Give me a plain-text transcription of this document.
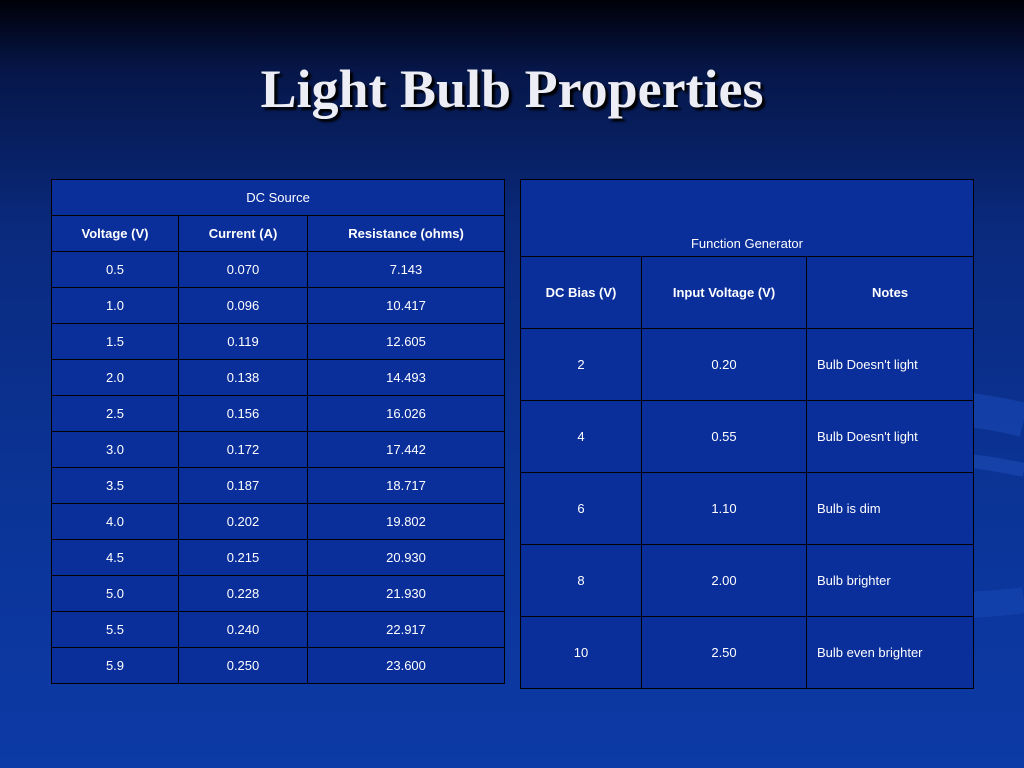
Light Bulb Properties
DC Source		
Voltage (V)	Current (A)	Resistance (ohms)
0.5	0.070	7.143
1.0	0.096	10.417
1.5	0.119	12.605
2.0	0.138	14.493
2.5	0.156	16.026
3.0	0.172	17.442
3.5	0.187	18.717
4.0	0.202	19.802
4.5	0.215	20.930
5.0	0.228	21.930
5.5	0.240	22.917
5.9	0.250	23.600
Function Generator		
DC Bias (V)	Input Voltage (V)	Notes
2	0.20	Bulb Doesn't light
4	0.55	Bulb Doesn't light
6	1.10	Bulb is dim
8	2.00	Bulb brighter
10	2.50	Bulb even brighter
